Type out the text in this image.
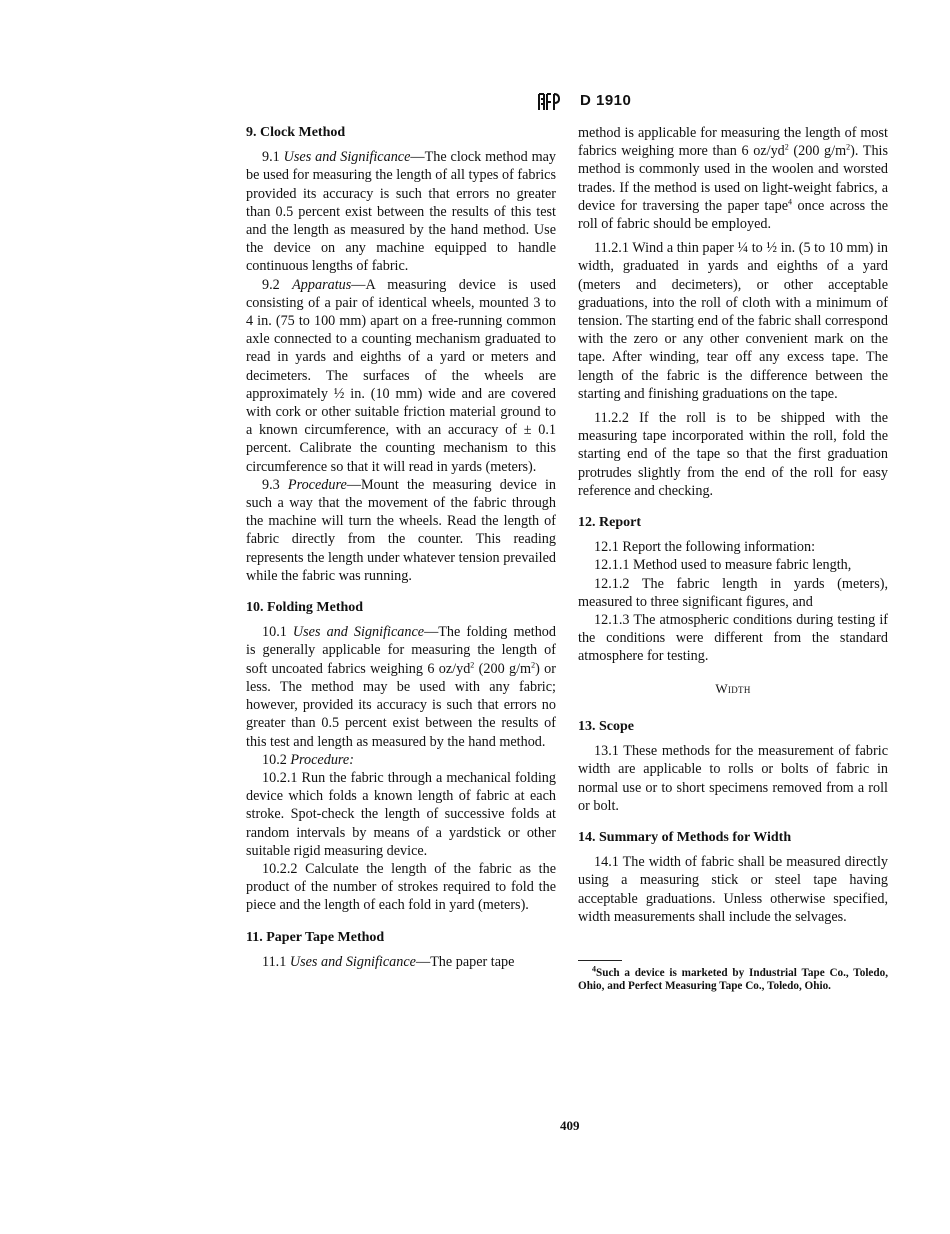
D 1910
9. Clock Method

9.1 Uses and Significance—The clock method may be used for measuring the length of all types of fabrics provided its accuracy is such that errors no greater than 0.5 percent exist between the results of this test and the length as measured by the hand method. Use the device on any machine equipped to handle continuous lengths of fabric.

9.2 Apparatus—A measuring device is used consisting of a pair of identical wheels, mounted 3 to 4 in. (75 to 100 mm) apart on a free-running common axle connected to a counting mechanism graduated to read in yards and eighths of a yard or meters and decimeters. The surfaces of the wheels are approximately ½ in. (10 mm) wide and are covered with cork or other suitable friction material ground to a known circumference, with an accuracy of ± 0.1 percent. Calibrate the counting mechanism to this circumference so that it will read in yards (meters).

9.3 Procedure—Mount the measuring device in such a way that the movement of the fabric through the machine will turn the wheels. Read the length of fabric directly from the counter. This reading represents the length under whatever tension prevailed while the fabric was running.

10. Folding Method

10.1 Uses and Significance—The folding method is generally applicable for measuring the length of soft uncoated fabrics weighing 6 $oz/yd^2$ (200 $g/m^2$) or less. The method may be used with any fabric; however, provided its accuracy is such that errors no greater than 0.5 percent exist between the results of this test and length as measured by the hand method.

10.2 Procedure:

10.2.1 Run the fabric through a mechanical folding device which folds a known length of fabric at each stroke. Spot-check the length of successive folds at random intervals by means of a yardstick or other suitable rigid measuring device.

10.2.2 Calculate the length of the fabric as the product of the number of strokes required to fold the piece and the length of each fold in yard (meters).

11. Paper Tape Method

11.1 Uses and Significance—The paper tape

method is applicable for measuring the length of most fabrics weighing more than 6 $oz/yd^2$ (200 $g/m^2$). This method is commonly used in the woolen and worsted trades. If the method is used on light-weight fabrics, a device for traversing the paper tape$^4$ once across the roll of fabric should be employed.

11.2.1 Wind a thin paper ¼ to ½ in. (5 to 10 mm) in width, graduated in yards and eighths of a yard (meters and decimeters), or other acceptable graduations, into the roll of cloth with a minimum of tension. The starting end of the fabric shall correspond with the zero or any other convenient mark on the tape. After winding, tear off any excess tape. The length of the fabric is the difference between the starting and finishing graduations on the tape.

11.2.2 If the roll is to be shipped with the measuring tape incorporated within the roll, fold the starting end of the tape so that the first graduation protrudes slightly from the end of the roll for easy reference and checking.

12. Report

12.1 Report the following information:

12.1.1 Method used to measure fabric length,

12.1.2 The fabric length in yards (meters), measured to three significant figures, and

12.1.3 The atmospheric conditions during testing if the conditions were different from the standard atmosphere for testing.

Width
13. Scope

13.1 These methods for the measurement of fabric width are applicable to rolls or bolts of fabric in normal use or to short specimens removed from a roll or bolt.

14. Summary of Methods for Width

14.1 The width of fabric shall be measured directly using a measuring stick or steel tape having acceptable graduations. Unless otherwise specified, width measurements shall include the selvages.

$^4$Such a device is marketed by Industrial Tape Co., Toledo, Ohio, and Perfect Measuring Tape Co., Toledo, Ohio.
409
